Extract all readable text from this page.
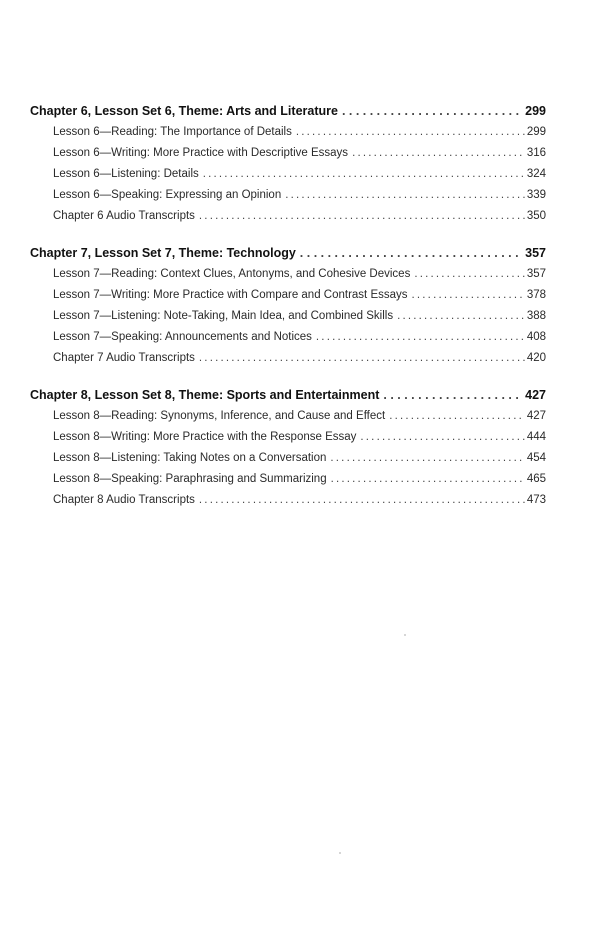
Chapter 6, Lesson Set 6, Theme: Arts and Literature . . .	299
Lesson 6—Reading: The Importance of Details . . .	299
Lesson 6—Writing: More Practice with Descriptive Essays . . .	316
Lesson 6—Listening: Details . . .	324
Lesson 6—Speaking: Expressing an Opinion . . .	339
Chapter 6 Audio Transcripts . . .	350
Chapter 7, Lesson Set 7, Theme: Technology . . .	357
Lesson 7—Reading: Context Clues, Antonyms, and Cohesive Devices . . .	357
Lesson 7—Writing: More Practice with Compare and Contrast Essays . . .	378
Lesson 7—Listening: Note-Taking, Main Idea, and Combined Skills . . .	388
Lesson 7—Speaking: Announcements and Notices . . .	408
Chapter 7 Audio Transcripts . . .	420
Chapter 8, Lesson Set 8, Theme: Sports and Entertainment . . .	427
Lesson 8—Reading: Synonyms, Inference, and Cause and Effect . . .	427
Lesson 8—Writing: More Practice with the Response Essay . . .	444
Lesson 8—Listening: Taking Notes on a Conversation . . .	454
Lesson 8—Speaking: Paraphrasing and Summarizing . . .	465
Chapter 8 Audio Transcripts . . .	473
